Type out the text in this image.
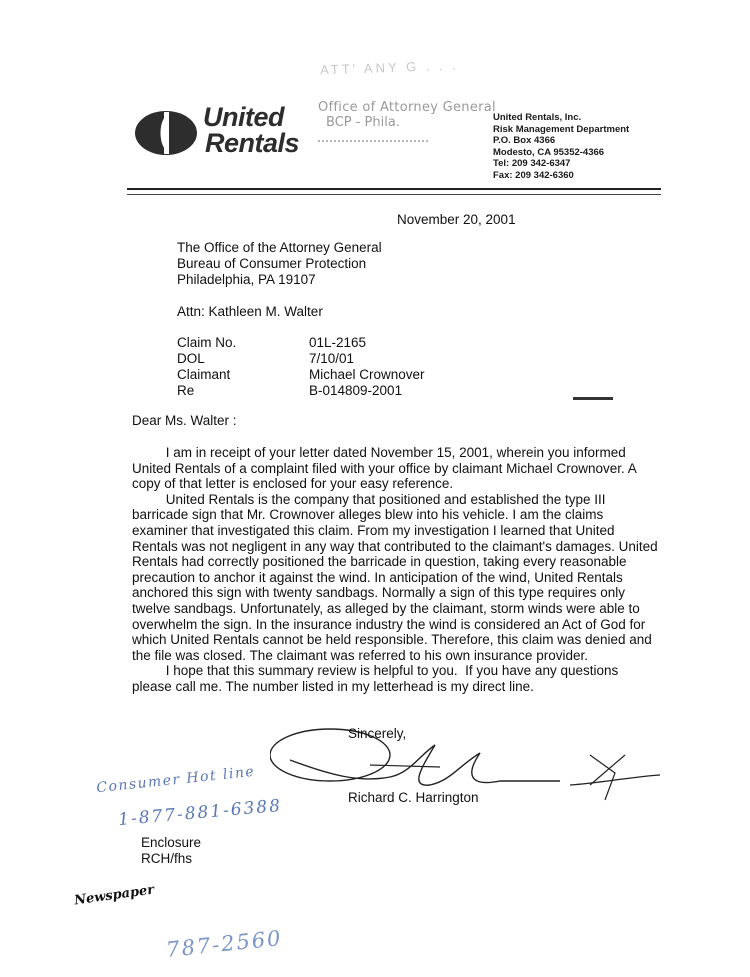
ATT' ANY G . . .
United
Rentals
Office of Attorney General
BCP - Phila.	United Rentals, Inc.
Risk Management Department
P.O. Box 4366
Modesto, CA 95352-4366
Tel: 209 342-6347
Fax: 209 342-6360
November 20, 2001
The Office of the Attorney General
Bureau of Consumer Protection
Philadelphia, PA 19107
Attn: Kathleen M. Walter
Claim No.
DOL
Claimant
Re
01L-2165
7/10/01
Michael Crownover
B-014809-2001
Dear Ms. Walter :
I am in receipt of your letter dated November 15, 2001, wherein you informed
United Rentals of a complaint filed with your office by claimant Michael Crownover. A
copy of that letter is enclosed for your easy reference.
United Rentals is the company that positioned and established the type III
barricade sign that Mr. Crownover alleges blew into his vehicle. I am the claims
examiner that investigated this claim. From my investigation I learned that United
Rentals was not negligent in any way that contributed to the claimant's damages. United
Rentals had correctly positioned the barricade in question, taking every reasonable
precaution to anchor it against the wind. In anticipation of the wind, United Rentals
anchored this sign with twenty sandbags. Normally a sign of this type requires only
twelve sandbags. Unfortunately, as alleged by the claimant, storm winds were able to
overwhelm the sign. In the insurance industry the wind is considered an Act of God for
which United Rentals cannot be held responsible. Therefore, this claim was denied and
the file was closed. The claimant was referred to his own insurance provider.
I hope that this summary review is helpful to you.  If you have any questions
please call me. The number listed in my letterhead is my direct line.
Sincerely,
Richard C. Harrington
Enclosure
RCH/fhs
Consumer Hot line
1-877-881-6388
Newspaper
787-2560
